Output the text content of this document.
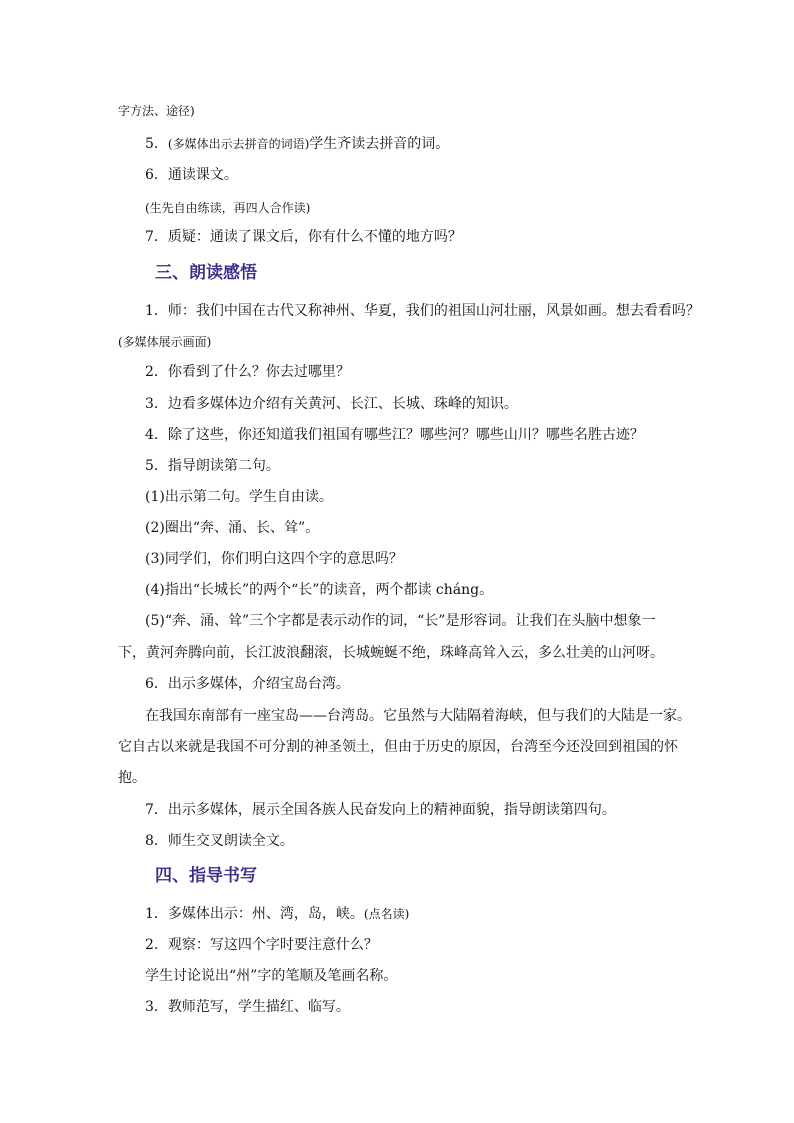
字方法、途径)
5．(多媒体出示去拼音的词语)学生齐读去拼音的词。
6．通读课文。
(生先自由练读，再四人合作读)
7．质疑：通读了课文后，你有什么不懂的地方吗？
三、朗读感悟
1．师：我们中国在古代又称神州、华夏，我们的祖国山河壮丽，风景如画。想去看看吗？
(多媒体展示画面)
2．你看到了什么？你去过哪里？
3．边看多媒体边介绍有关黄河、长江、长城、珠峰的知识。
4．除了这些，你还知道我们祖国有哪些江？哪些河？哪些山川？哪些名胜古迹？
5．指导朗读第二句。
(1)出示第二句。学生自由读。
(2)圈出“奔、涌、长、耸”。
(3)同学们，你们明白这四个字的意思吗？
(4)指出“长城长”的两个“长”的读音，两个都读 cháng。
(5)“奔、涌、耸”三个字都是表示动作的词，“长”是形容词。让我们在头脑中想象一
下，黄河奔腾向前，长江波浪翻滚，长城蜿蜒不绝，珠峰高耸入云，多么壮美的山河呀。
6．出示多媒体，介绍宝岛台湾。
在我国东南部有一座宝岛——台湾岛。它虽然与大陆隔着海峡，但与我们的大陆是一家。
它自古以来就是我国不可分割的神圣领土，但由于历史的原因，台湾至今还没回到祖国的怀
抱。
7．出示多媒体，展示全国各族人民奋发向上的精神面貌，指导朗读第四句。
8．师生交叉朗读全文。
四、指导书写
1．多媒体出示：州、湾，岛，峡。(点名读)
2．观察：写这四个字时要注意什么？
学生讨论说出“州”字的笔顺及笔画名称。
3．教师范写，学生描红、临写。
